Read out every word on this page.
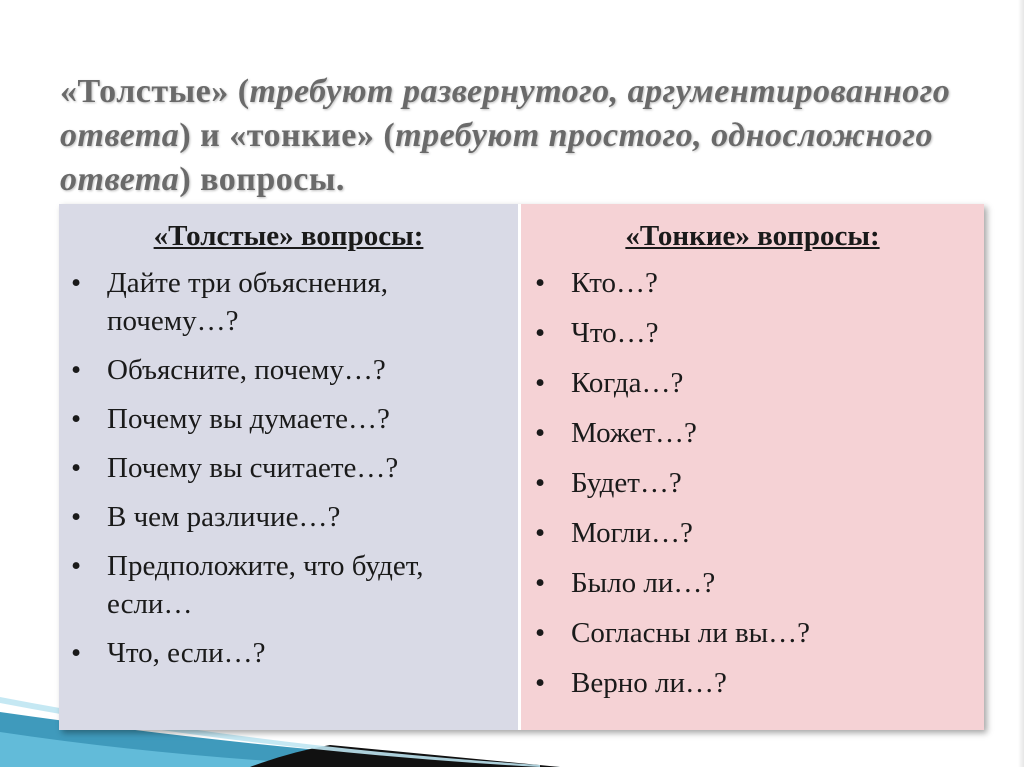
«Толстые» (требуют развернутого, аргументированного ответа) и «тонкие» (требуют простого, односложного ответа) вопросы.
«Толстые» вопросы:
• Дайте три объяснения, почему…?
• Объясните, почему…?
• Почему вы думаете…?
• Почему вы считаете…?
• В чем различие…?
• Предположите, что будет, если…
• Что, если…?
«Тонкие» вопросы:
• Кто…?
• Что…?
• Когда…?
• Может…?
• Будет…?
• Могли…?
• Было ли…?
• Согласны ли вы…?
• Верно ли…?
